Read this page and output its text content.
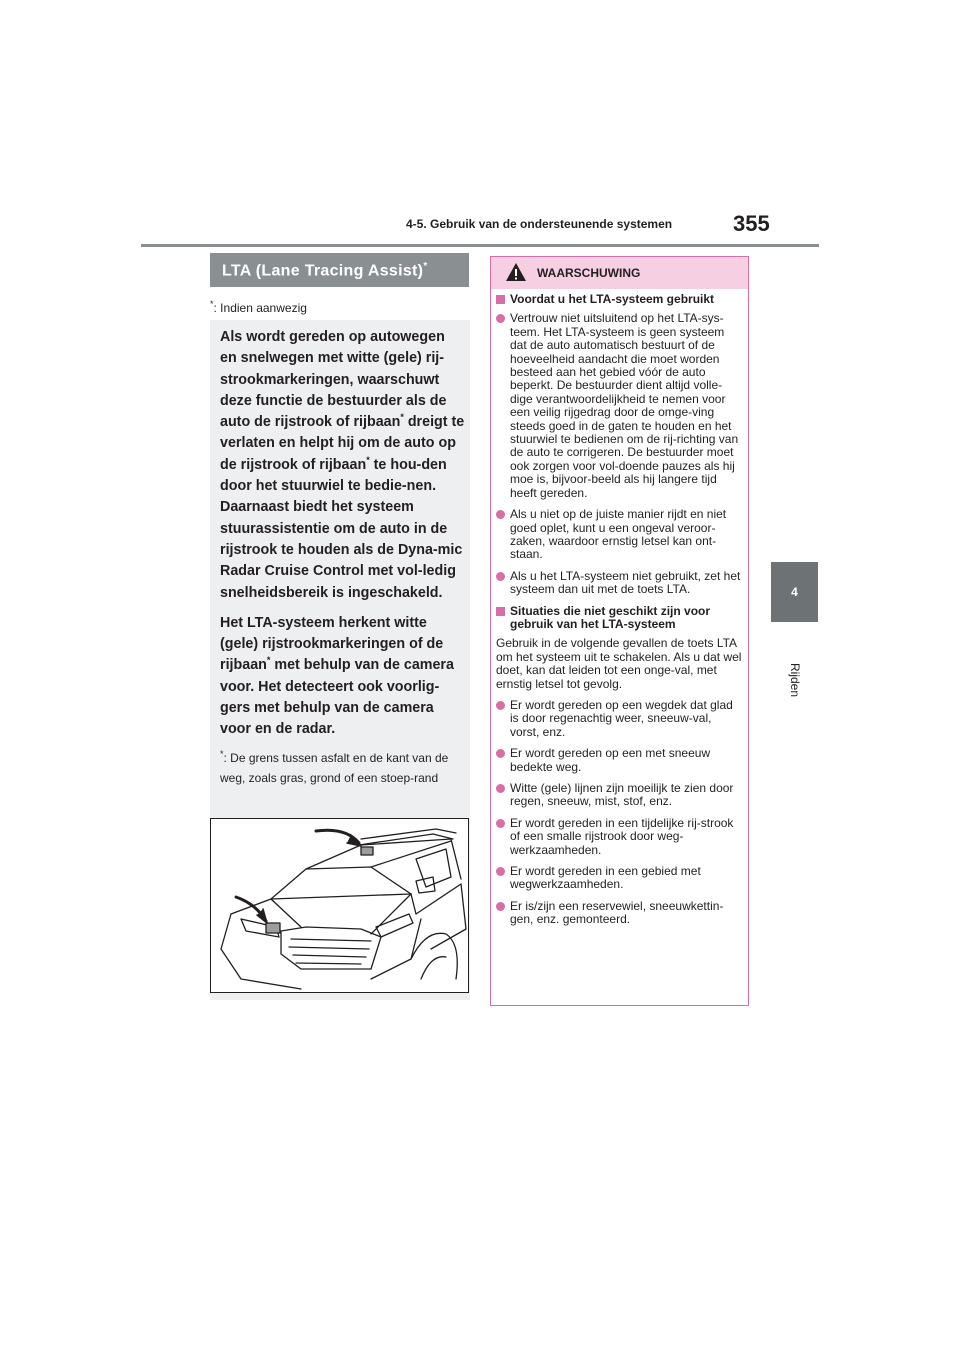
4-5. Gebruik van de ondersteunende systemen	355
4
Rijden
LTA (Lane Tracing Assist)*
*: Indien aanwezig

Als wordt gereden op autowegen en snelwegen met witte (gele) rij-strookmarkeringen, waarschuwt deze functie de bestuurder als de auto de rijstrook of rijbaan* dreigt te verlaten en helpt hij om de auto op de rijstrook of rijbaan* te hou-den door het stuurwiel te bedie-nen. Daarnaast biedt het systeem stuurassistentie om de auto in de rijstrook te houden als de Dyna-mic Radar Cruise Control met vol-ledig snelheidsbereik is ingeschakeld.

Het LTA-systeem herkent witte (gele) rijstrookmarkeringen of de rijbaan* met behulp van de camera voor. Het detecteert ook voorlig-gers met behulp van de camera voor en de radar.

*: De grens tussen asfalt en de kant van de weg, zoals gras, grond of een stoep-rand
WAARSCHUWING
Voordat u het LTA-systeem gebruikt
Vertrouw niet uitsluitend op het LTA-sys-teem. Het LTA-systeem is geen systeem dat de auto automatisch bestuurt of de hoeveelheid aandacht die moet worden besteed aan het gebied vóór de auto beperkt. De bestuurder dient altijd volle-dige verantwoordelijkheid te nemen voor een veilig rijgedrag door de omge-ving steeds goed in de gaten te houden en het stuurwiel te bedienen om de rij-richting van de auto te corrigeren. De bestuurder moet ook zorgen voor vol-doende pauzes als hij moe is, bijvoor-beeld als hij langere tijd heeft gereden.
Als u niet op de juiste manier rijdt en niet goed oplet, kunt u een ongeval veroor-zaken, waardoor ernstig letsel kan ont-staan.
Als u het LTA-systeem niet gebruikt, zet het systeem dan uit met de toets LTA.
Situaties die niet geschikt zijn voor gebruik van het LTA-systeem
Gebruik in de volgende gevallen de toets LTA om het systeem uit te schakelen. Als u dat wel doet, kan dat leiden tot een onge-val, met ernstig letsel tot gevolg.
Er wordt gereden op een wegdek dat glad is door regenachtig weer, sneeuw-val, vorst, enz.
Er wordt gereden op een met sneeuw bedekte weg.
Witte (gele) lijnen zijn moeilijk te zien door regen, sneeuw, mist, stof, enz.
Er wordt gereden in een tijdelijke rij-strook of een smalle rijstrook door weg-werkzaamheden.
Er wordt gereden in een gebied met wegwerkzaamheden.
Er is/zijn een reservewiel, sneeuwkettin-gen, enz. gemonteerd.
